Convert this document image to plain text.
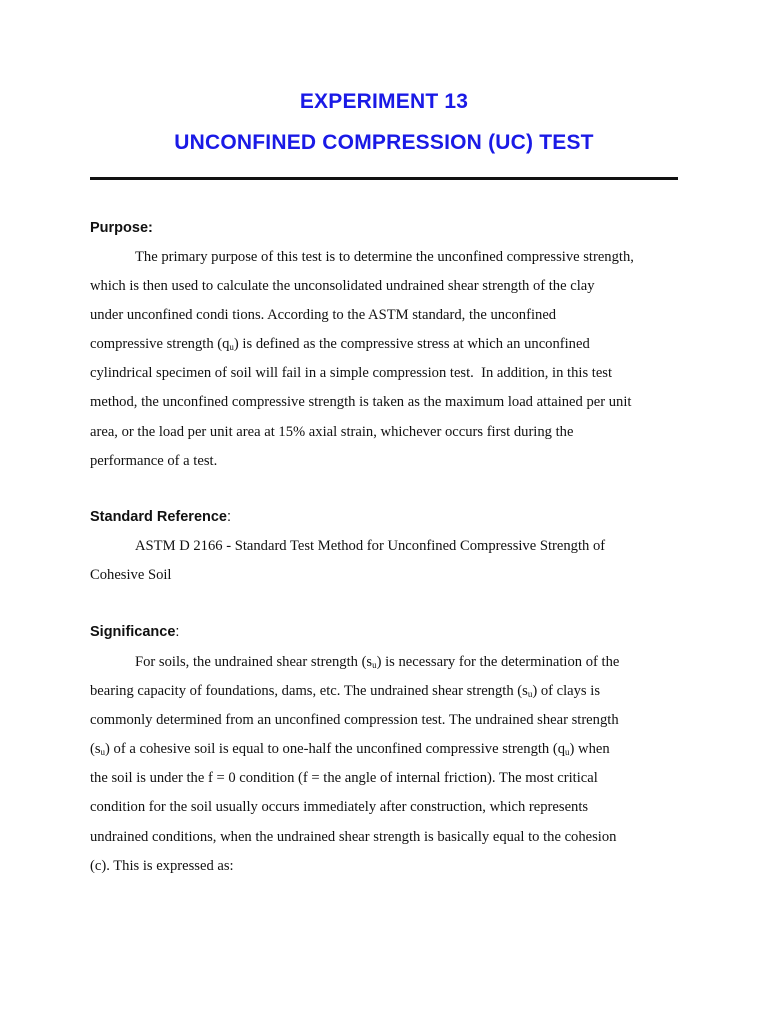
EXPERIMENT 13
UNCONFINED COMPRESSION (UC) TEST
Purpose:
The primary purpose of this test is to determine the unconfined compressive strength,
which is then used to calculate the unconsolidated undrained shear strength of the clay
under unconfined condi tions. According to the ASTM standard, the unconfined
compressive strength $(q_u)$ is defined as the compressive stress at which an unconfined
cylindrical specimen of soil will fail in a simple compression test.  In addition, in this test
method, the unconfined compressive strength is taken as the maximum load attained per unit
area, or the load per unit area at 15% axial strain, whichever occurs first during the
performance of a test.
Standard Reference:
ASTM D 2166 - Standard Test Method for Unconfined Compressive Strength of
Cohesive Soil
Significance:
For soils, the undrained shear strength $(s_u)$ is necessary for the determination of the
bearing capacity of foundations, dams, etc. The undrained shear strength $(s_u)$ of clays is
commonly determined from an unconfined compression test. The undrained shear strength
$(s_u)$ of a cohesive soil is equal to one-half the unconfined compressive strength $(q_u)$ when
the soil is under the f = 0 condition (f = the angle of internal friction). The most critical
condition for the soil usually occurs immediately after construction, which represents
undrained conditions, when the undrained shear strength is basically equal to the cohesion
(c). This is expressed as:
